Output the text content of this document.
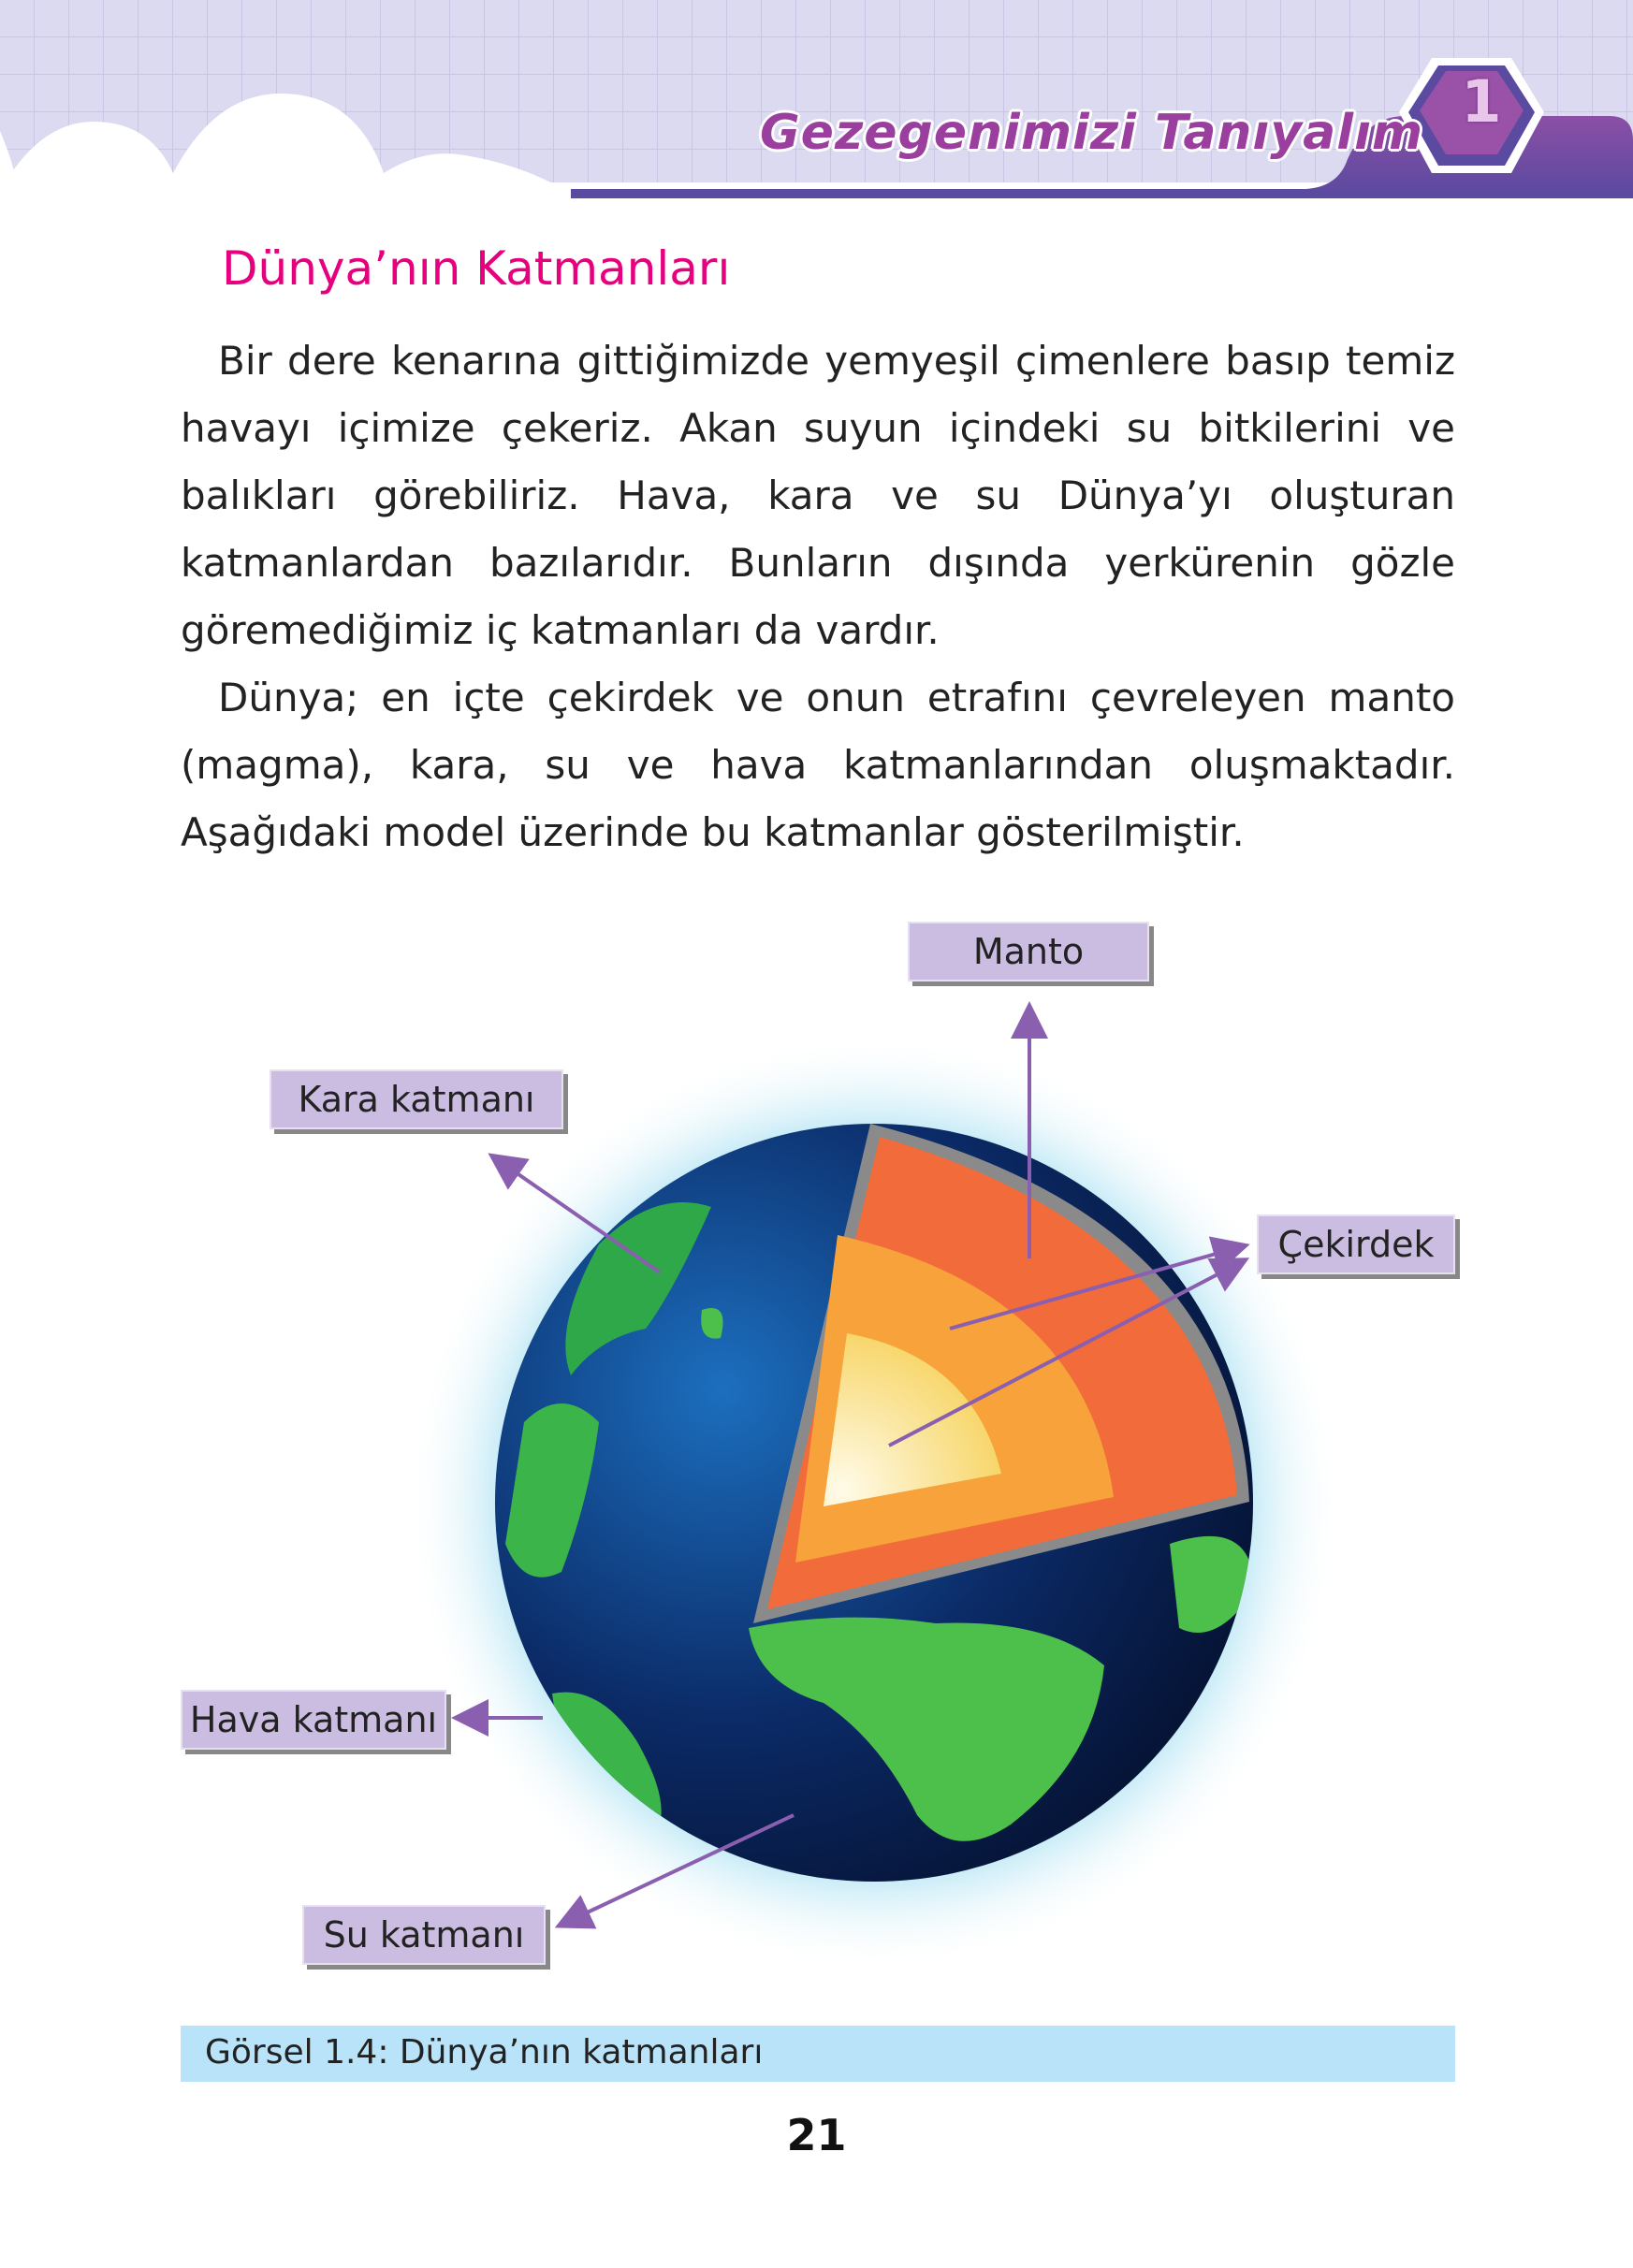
Gezegenimizi Tanıyalım 1
Dünya’nın Katmanları
Bir dere kenarına gittiğimizde yemyeşil çimenlere basıp temiz havayı içimize çekeriz. Akan suyun içindeki su bitkilerini ve balıkları görebiliriz. Hava, kara ve su Dünya’yı oluşturan katmanlardan bazılarıdır. Bunların dışında yerkürenin gözle göremediğimiz iç katmanları da vardır.
Dünya; en içte çekirdek ve onun etrafını çevreleyen manto (magma), kara, su ve hava katmanlarından oluşmaktadır. Aşağıdaki model üzerinde bu katmanlar gösterilmiştir.
Manto
Kara katmanı
Çekirdek
Hava katmanı
Su katmanı
Görsel 1.4: Dünya’nın katmanları
21
